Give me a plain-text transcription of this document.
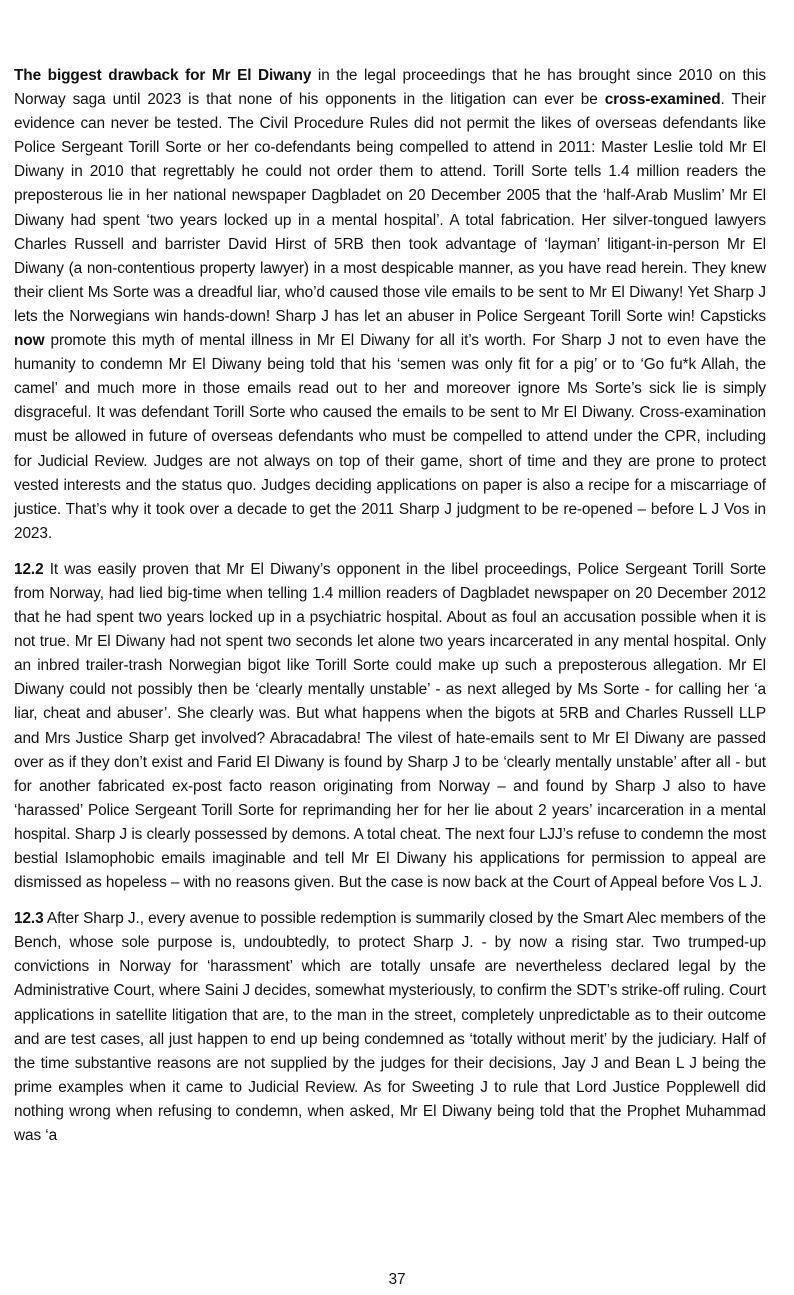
The biggest drawback for Mr El Diwany in the legal proceedings that he has brought since 2010 on this Norway saga until 2023 is that none of his opponents in the litigation can ever be cross-examined. Their evidence can never be tested. The Civil Procedure Rules did not permit the likes of overseas defendants like Police Sergeant Torill Sorte or her co-defendants being compelled to attend in 2011: Master Leslie told Mr El Diwany in 2010 that regrettably he could not order them to attend. Torill Sorte tells 1.4 million readers the preposterous lie in her national newspaper Dagbladet on 20 December 2005 that the ‘half-Arab Muslim’ Mr El Diwany had spent ‘two years locked up in a mental hospital’. A total fabrication. Her silver-tongued lawyers Charles Russell and barrister David Hirst of 5RB then took advantage of ‘layman’ litigant-in-person Mr El Diwany (a non-contentious property lawyer) in a most despicable manner, as you have read herein. They knew their client Ms Sorte was a dreadful liar, who’d caused those vile emails to be sent to Mr El Diwany! Yet Sharp J lets the Norwegians win hands-down! Sharp J has let an abuser in Police Sergeant Torill Sorte win! Capsticks now promote this myth of mental illness in Mr El Diwany for all it’s worth. For Sharp J not to even have the humanity to condemn Mr El Diwany being told that his ‘semen was only fit for a pig’ or to ‘Go fu*k Allah, the camel’ and much more in those emails read out to her and moreover ignore Ms Sorte’s sick lie is simply disgraceful. It was defendant Torill Sorte who caused the emails to be sent to Mr El Diwany. Cross-examination must be allowed in future of overseas defendants who must be compelled to attend under the CPR, including for Judicial Review. Judges are not always on top of their game, short of time and they are prone to protect vested interests and the status quo. Judges deciding applications on paper is also a recipe for a miscarriage of justice. That’s why it took over a decade to get the 2011 Sharp J judgment to be re-opened – before L J Vos in 2023.

12.2 It was easily proven that Mr El Diwany’s opponent in the libel proceedings, Police Sergeant Torill Sorte from Norway, had lied big-time when telling 1.4 million readers of Dagbladet newspaper on 20 December 2012 that he had spent two years locked up in a psychiatric hospital. About as foul an accusation possible when it is not true. Mr El Diwany had not spent two seconds let alone two years incarcerated in any mental hospital. Only an inbred trailer-trash Norwegian bigot like Torill Sorte could make up such a preposterous allegation. Mr El Diwany could not possibly then be ‘clearly mentally unstable’ - as next alleged by Ms Sorte - for calling her ‘a liar, cheat and abuser’. She clearly was. But what happens when the bigots at 5RB and Charles Russell LLP and Mrs Justice Sharp get involved? Abracadabra! The vilest of hate-emails sent to Mr El Diwany are passed over as if they don’t exist and Farid El Diwany is found by Sharp J to be ‘clearly mentally unstable’ after all - but for another fabricated ex-post facto reason originating from Norway – and found by Sharp J also to have ‘harassed’ Police Sergeant Torill Sorte for reprimanding her for her lie about 2 years’ incarceration in a mental hospital. Sharp J is clearly possessed by demons. A total cheat. The next four LJJ’s refuse to condemn the most bestial Islamophobic emails imaginable and tell Mr El Diwany his applications for permission to appeal are dismissed as hopeless – with no reasons given. But the case is now back at the Court of Appeal before Vos L J.

12.3 After Sharp J., every avenue to possible redemption is summarily closed by the Smart Alec members of the Bench, whose sole purpose is, undoubtedly, to protect Sharp J. - by now a rising star. Two trumped-up convictions in Norway for ‘harassment’ which are totally unsafe are nevertheless declared legal by the Administrative Court, where Saini J decides, somewhat mysteriously, to confirm the SDT’s strike-off ruling. Court applications in satellite litigation that are, to the man in the street, completely unpredictable as to their outcome and are test cases, all just happen to end up being condemned as ‘totally without merit’ by the judiciary. Half of the time substantive reasons are not supplied by the judges for their decisions, Jay J and Bean L J being the prime examples when it came to Judicial Review. As for Sweeting J to rule that Lord Justice Popplewell did nothing wrong when refusing to condemn, when asked, Mr El Diwany being told that the Prophet Muhammad was ‘a

37
